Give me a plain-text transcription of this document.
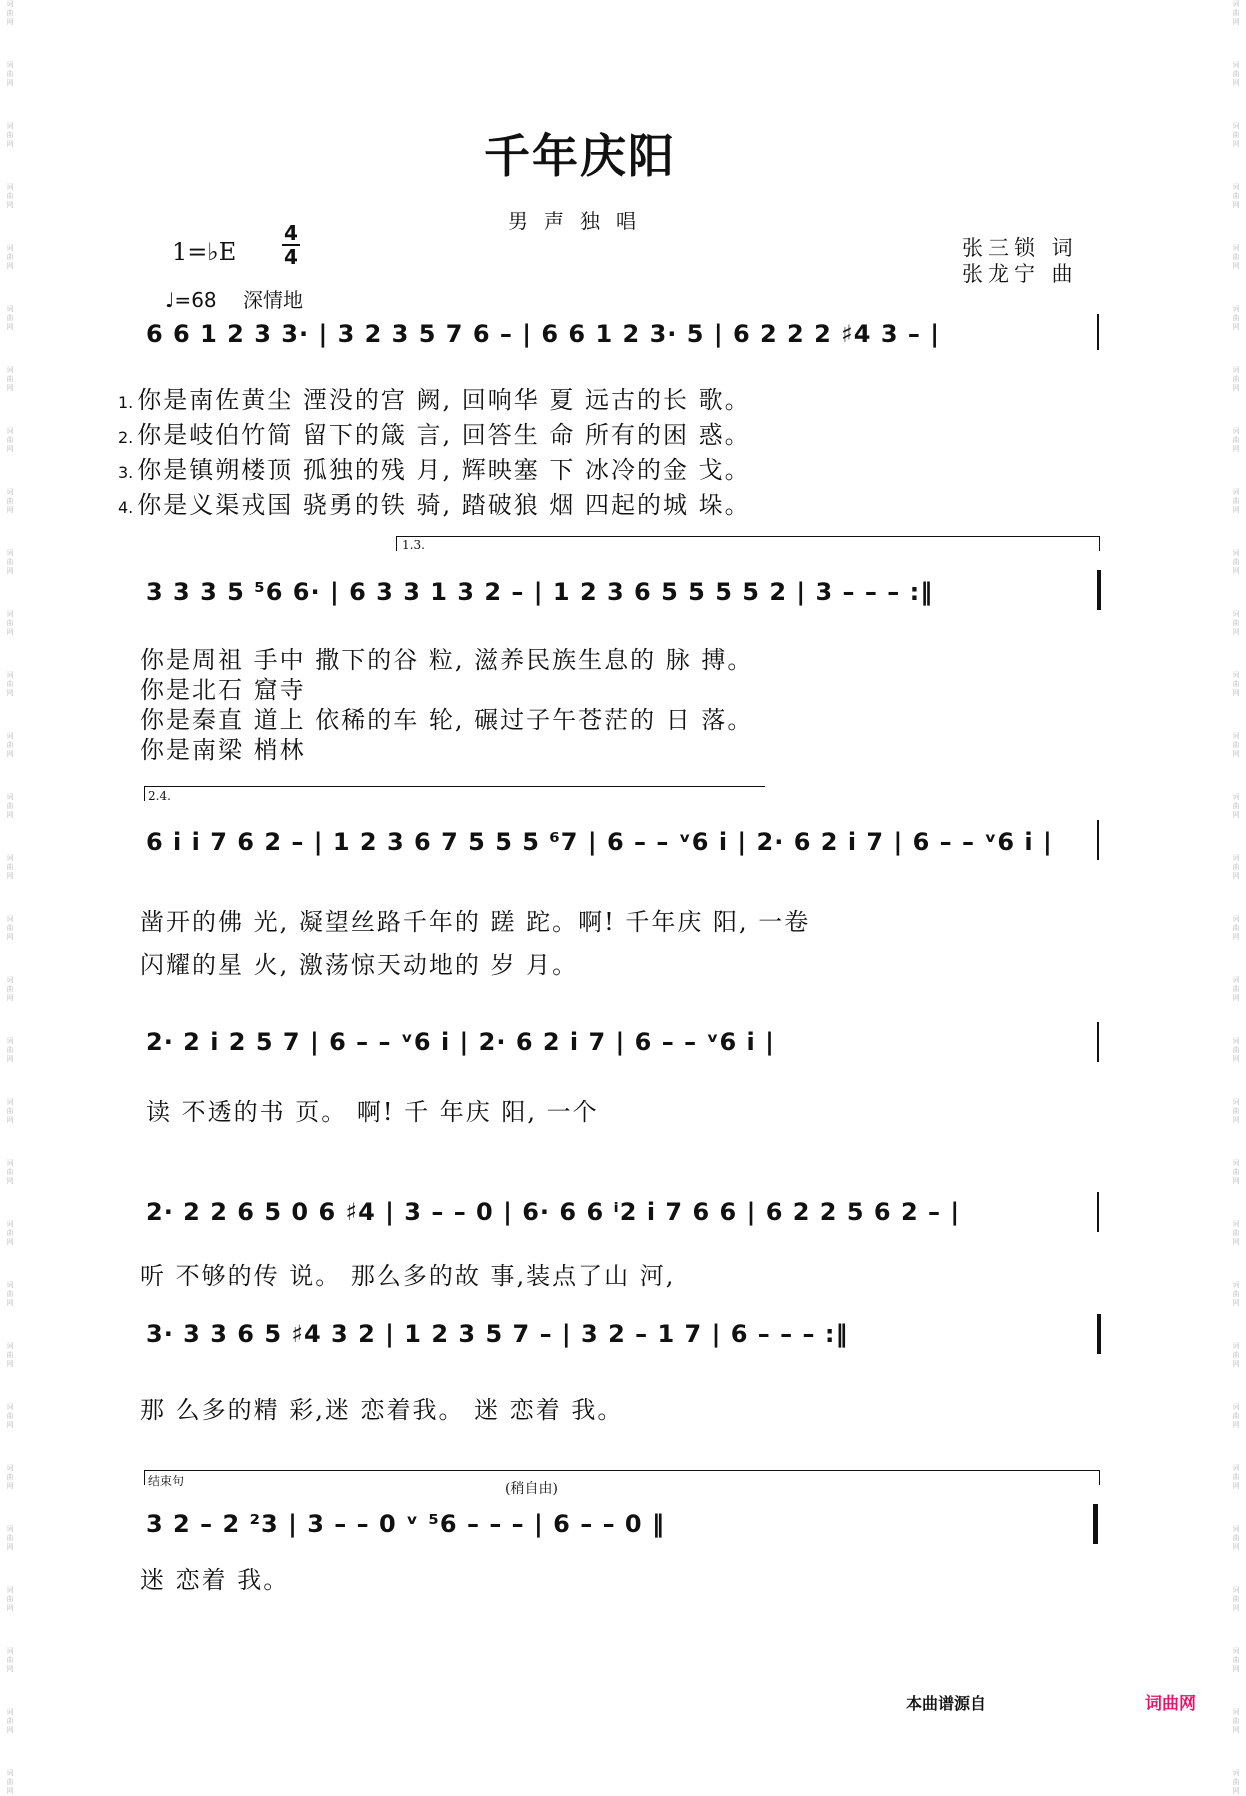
词
曲
网
词
曲
网
词
曲
网
词
曲
网
词
曲
网
词
曲
网
词
曲
网
词
曲
网
词
曲
网
词
曲
网
词
曲
网
词
曲
网
词
曲
网
词
曲
网
词
曲
网
词
曲
网
词
曲
网
词
曲
网
词
曲
网
词
曲
网
词
曲
网
词
曲
网
词
曲
网
词
曲
网
词
曲
网
词
曲
网
词
曲
网
词
曲
网
词
曲
网
词
曲
网
词
曲
网
词
曲
网
词
曲
网
词
曲
网
词
曲
网
词
曲
网
词
曲
网
词
曲
网
词
曲
网
词
曲
网
词
曲
网
词
曲
网
词
曲
网
词
曲
网
词
曲
网
词
曲
网
词
曲
网
词
曲
网
词
曲
网
词
曲
网
词
曲
网
词
曲
网
词
曲
网
词
曲
网
词
曲
网
词
曲
网
词
曲
网
词
曲
网
词
曲
网
词
曲
网
千年庆阳
男声独唱
1=♭E
4
4
♩=68 深情地
张三锁 词
张龙宁 曲
6 6 1 2 3 3· | 3 2 3 5 7 6 – | 6 6 1 2 3· 5 | 6 2 2 2 ♯4 3 – |
1. 你是南佐黄尘 湮没的宫 阙, 回响华 夏 远古的长 歌。
2. 你是岐伯竹简 留下的箴 言, 回答生 命 所有的困 惑。
3. 你是镇朔楼顶 孤独的残 月, 辉映塞 下 冰冷的金 戈。
4. 你是义渠戎国 骁勇的铁 骑, 踏破狼 烟 四起的城 垛。
1.3.
3 3 3 5 ⁵6 6· | 6 3 3 1 3 2 – | 1 2 3 6 5 5 5 5 2 | 3 – – – :‖
你是周祖 手中 撒下的谷 粒, 滋养民族生息的 脉 搏。
你是北石 窟寺
你是秦直 道上 依稀的车 轮, 碾过子午苍茫的 日 落。
你是南梁 梢林
2.4.
6 i i 7 6 2 – | 1 2 3 6 7 5 5 5 ⁶7 | 6 – – ᵛ6 i | 2· 6 2 i 7 | 6 – – ᵛ6 i |
凿开的佛 光, 凝望丝路千年的 蹉 跎。啊! 千年庆 阳, 一卷
闪耀的星 火, 激荡惊天动地的 岁 月。
2· 2 i 2 5 7 | 6 – – ᵛ6 i | 2· 6 2 i 7 | 6 – – ᵛ6 i |
读 不透的书 页。 啊! 千 年庆 阳, 一个
2· 2 2 6 5 0 6 ♯4 | 3 – – 0 | 6· 6 6 ⁱ2 i 7 6 6 | 6 2 2 5 6 2 – |
听 不够的传 说。 那么多的故 事,装点了山 河,
3· 3 3 6 5 ♯4 3 2 | 1 2 3 5 7 – | 3 2 – 1 7 | 6 – – – :‖
那 么多的精 彩,迷 恋着我。 迷 恋着 我。
结束句	(稍自由)
3 2 – 2 ²3 | 3 – – 0 ᵛ ⁵6 – – – | 6 – – 0 ‖
迷 恋着 我。
本曲谱源自	词曲网
